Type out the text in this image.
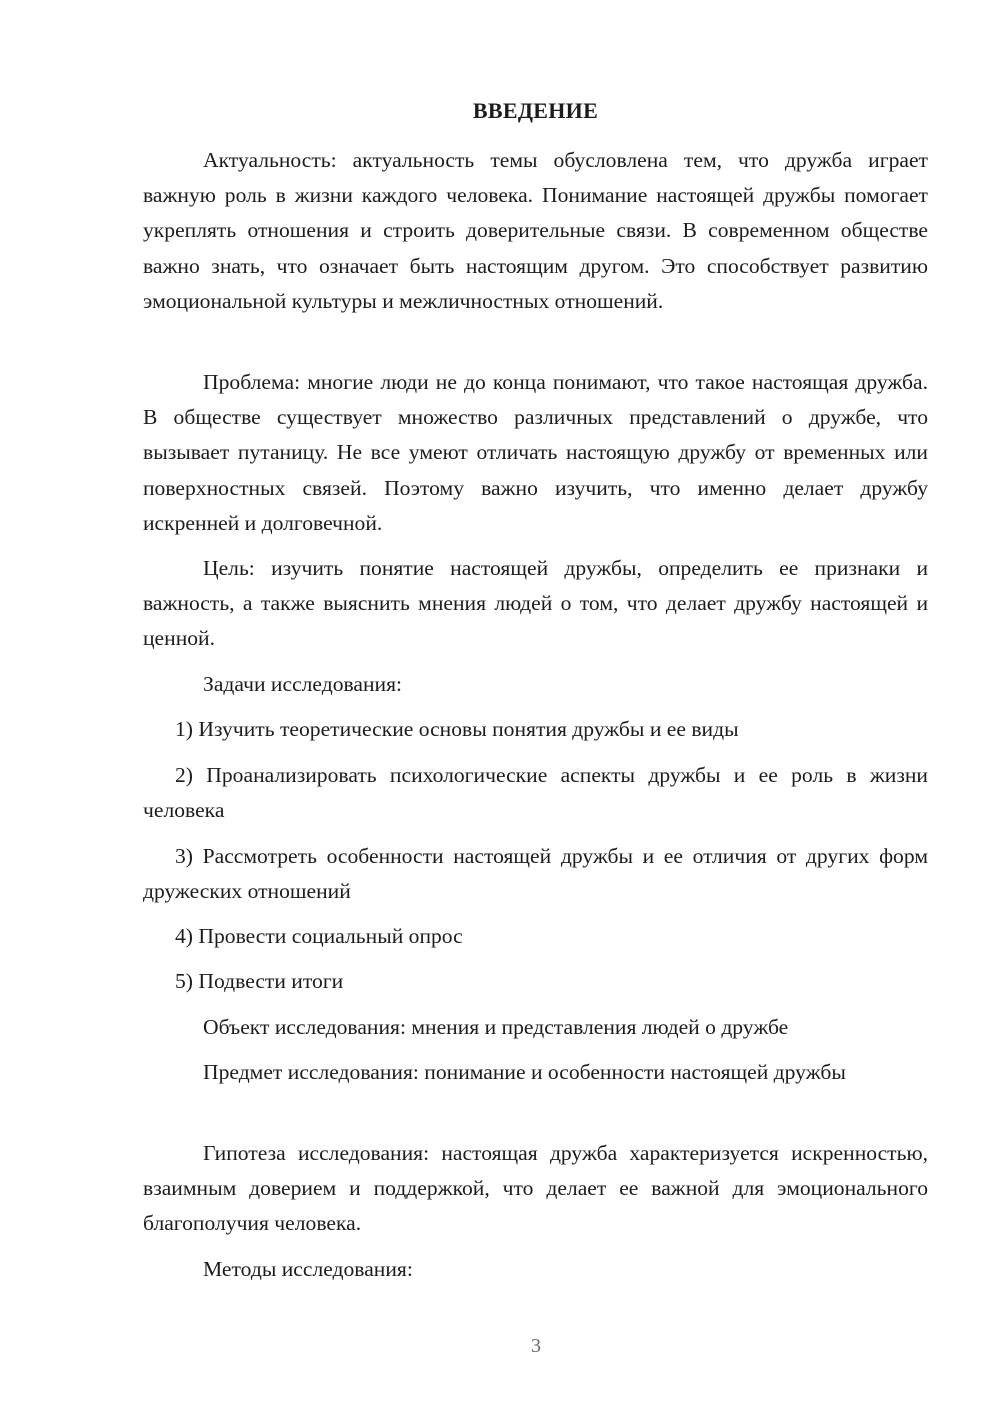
ВВЕДЕНИЕ

Актуальность: актуальность темы обусловлена тем, что дружба играет важную роль в жизни каждого человека. Понимание настоящей дружбы помогает укреплять отношения и строить доверительные связи. В современном обществе важно знать, что означает быть настоящим другом. Это способствует развитию эмоциональной культуры и межличностных отношений.

Проблема: многие люди не до конца понимают, что такое настоящая дружба. В обществе существует множество различных представлений о дружбе, что вызывает путаницу. Не все умеют отличать настоящую дружбу от временных или поверхностных связей. Поэтому важно изучить, что именно делает дружбу искренней и долговечной.

Цель: изучить понятие настоящей дружбы, определить ее признаки и важность, а также выяснить мнения людей о том, что делает дружбу настоящей и ценной.

Задачи исследования:

1) Изучить теоретические основы понятия дружбы и ее виды

2) Проанализировать психологические аспекты дружбы и ее роль в жизни человека

3) Рассмотреть особенности настоящей дружбы и ее отличия от других форм дружеских отношений

4) Провести социальный опрос

5) Подвести итоги

Объект исследования: мнения и представления людей о дружбе

Предмет исследования: понимание и особенности настоящей дружбы

Гипотеза исследования: настоящая дружба характеризуется искренностью, взаимным доверием и поддержкой, что делает ее важной для эмоционального благополучия человека.

Методы исследования:

3
